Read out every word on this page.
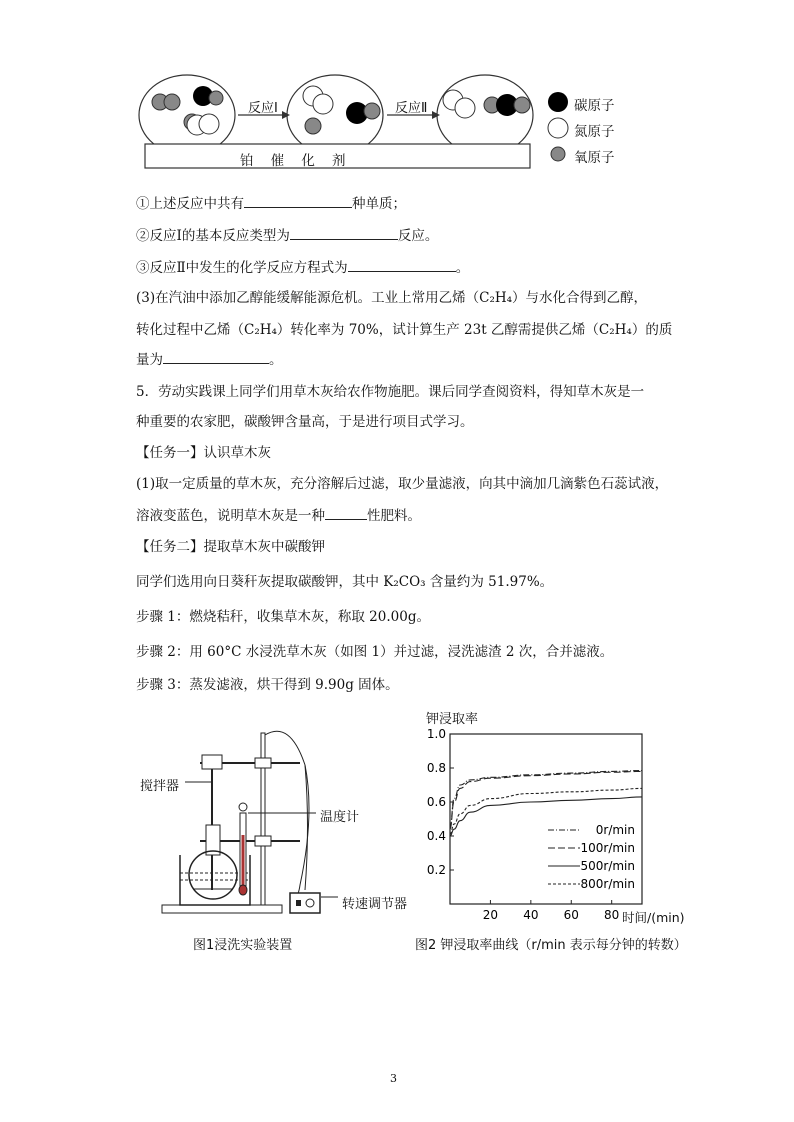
反应Ⅰ	反应Ⅱ
铂    催    化    剂
碳原子
氮原子
氧原子
①上述反应中共有	种单质；
②反应Ⅰ的基本反应类型为	反应。
③反应Ⅱ中发生的化学反应方程式为	。
(3)在汽油中添加乙醇能缓解能源危机。工业上常用乙烯（C₂H₄）与水化合得到乙醇，
转化过程中乙烯（C₂H₄）转化率为 70%，试计算生产 23t 乙醇需提供乙烯（C₂H₄）的质
量为	。
5．劳动实践课上同学们用草木灰给农作物施肥。课后同学查阅资料，得知草木灰是一
种重要的农家肥，碳酸钾含量高，于是进行项目式学习。
【任务一】认识草木灰
(1)取一定质量的草木灰，充分溶解后过滤，取少量滤液，向其中滴加几滴紫色石蕊试液，
溶液变蓝色，说明草木灰是一种	性肥料。
【任务二】提取草木灰中碳酸钾
同学们选用向日葵秆灰提取碳酸钾，其中 K₂CO₃ 含量约为 51.97%。
步骤 1：燃烧秸秆，收集草木灰，称取 20.00g。
步骤 2：用 60°C 水浸洗草木灰（如图 1）并过滤，浸洗滤渣 2 次，合并滤液。
步骤 3：蒸发滤液，烘干得到 9.90g 固体。
搅拌器
温度计
转速调节器
图1浸洗实验装置
钾浸取率
0.2
0.4
0.6
0.8
1.0
20 40 60 80
0r/min
100r/min
500r/min
800r/min
时间/(min)
图2 钾浸取率曲线（r/min 表示每分钟的转数）
3
